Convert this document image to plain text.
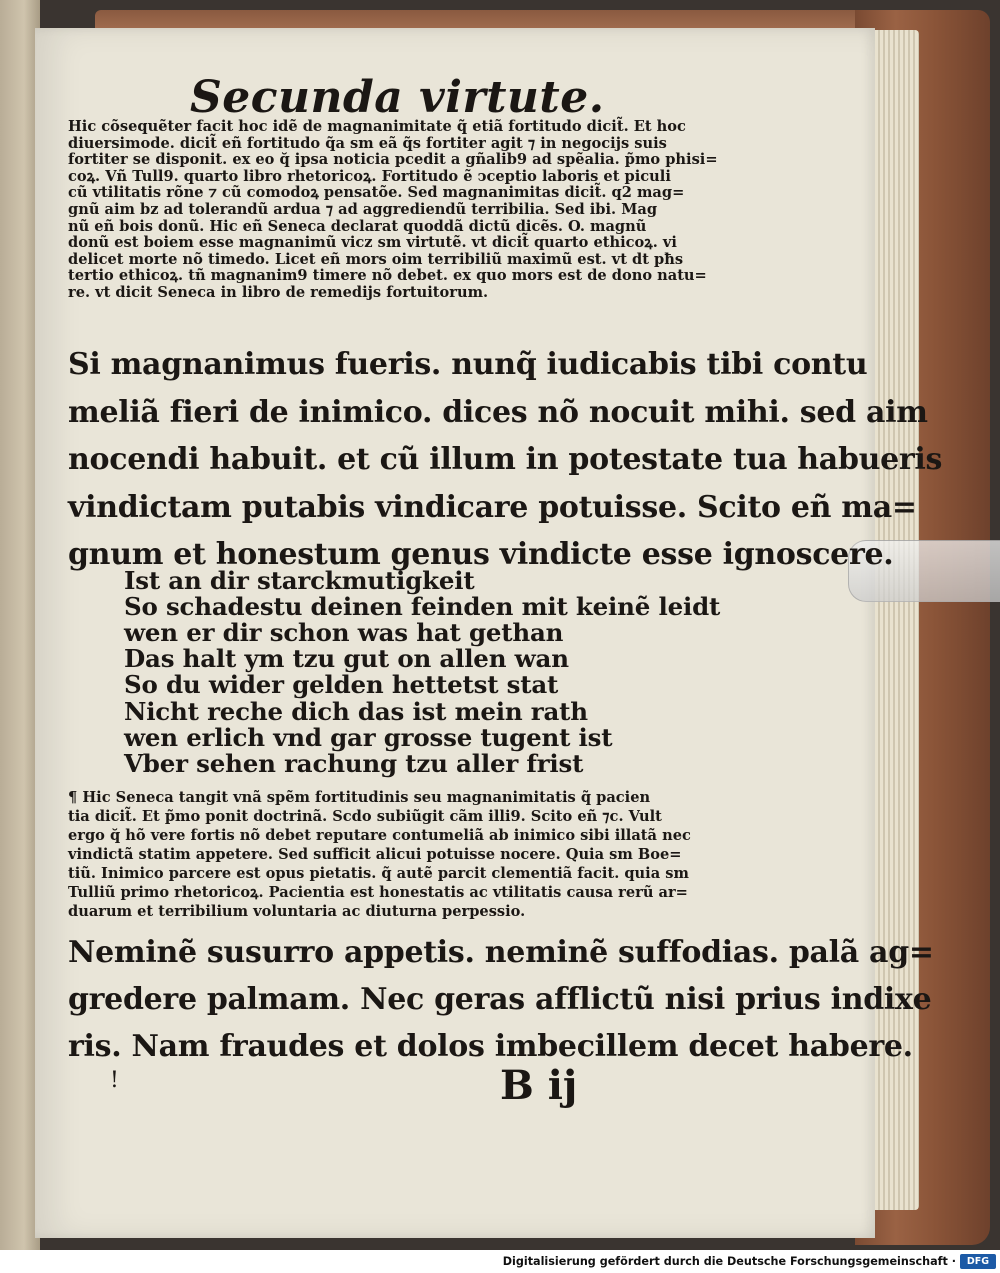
Secunda virtute.
Hic cõsequẽter facit hoc idẽ de magnanimitate q̃ etiã fortitudo dicit̃. Et hoc
diuersimode. dicit̃ eñ fortitudo q̃a sm eã q̃s fortiter agit ⁊ in negocijs suis
fortiter se disponit. ex eo q̆ ipsa noticia pcedit a gñalib9 ad spẽalia. p̃mo phisi=
coꝝ. Vñ Tull9. quarto libro rhetoricoꝝ. Fortitudo ẽ ↄceptio laboris et piculi
cũ vtilitatis rõne ⁊ cũ comodoꝝ pensatõe. Sed magnanimitas dicit̃. q2 mag=
gnũ aim bz ad tolerandũ ardua ⁊ ad aggrediendũ terribilia. Sed ibi. Mag
nũ eñ bois donũ. Hic eñ Seneca declarat quoddã dictũ dicẽs. O. magnũ
donũ est boiem esse magnanimũ vicz sm virtutẽ. vt dicit̃ quarto ethicoꝝ. vi
delicet morte nõ timedo. Licet eñ mors oim terribiliũ maximũ est. vt dt pħs
tertio ethicoꝝ. tñ magnanim9 timere nõ debet. ex quo mors est de dono natu=
re. vt dicit Seneca in libro de remedijs fortuitorum.
Si magnanimus fueris. nunq̃ iudicabis tibi contu
meliã fieri de inimico. dices nõ nocuit mihi. sed aim
nocendi habuit. et cũ illum in potestate tua habueris
vindictam putabis vindicare potuisse. Scito eñ ma=
gnum et honestum genus vindicte esse ignoscere.
Ist an dir starckmutigkeit
So schadestu deinen feinden mit keinẽ leidt
wen er dir schon was hat gethan
Das halt ym tzu gut on allen wan
So du wider gelden hettetst stat
Nicht reche dich das ist mein rath
wen erlich vnd gar grosse tugent ist
Vber sehen rachung tzu aller frist
¶ Hic Seneca tangit vnã spẽm fortitudinis seu magnanimitatis q̃ pacien
tia dicit̃. Et p̃mo ponit doctrinã. Scdo subiũgit cãm illi9. Scito eñ ⁊c. Vult
ergo q̆ hõ vere fortis nõ debet reputare contumeliã ab inimico sibi illatã nec
vindictã statim appetere. Sed sufficit alicui potuisse nocere. Quia sm Boe=
tiũ. Inimico parcere est opus pietatis. q̃ autẽ parcit clementiã facit. quia sm
Tulliũ primo rhetoricoꝝ. Pacientia est honestatis ac vtilitatis causa rerũ ar=
duarum et terribilium voluntaria ac diuturna perpessio.
Neminẽ susurro appetis. neminẽ suffodias. palã ag=
gredere palmam. Nec geras afflictũ nisi prius indixe
ris. Nam fraudes et dolos imbecillem decet habere.
!	B ij
Digitalisierung gefördert durch die Deutsche Forschungsgemeinschaft ·	DFG
